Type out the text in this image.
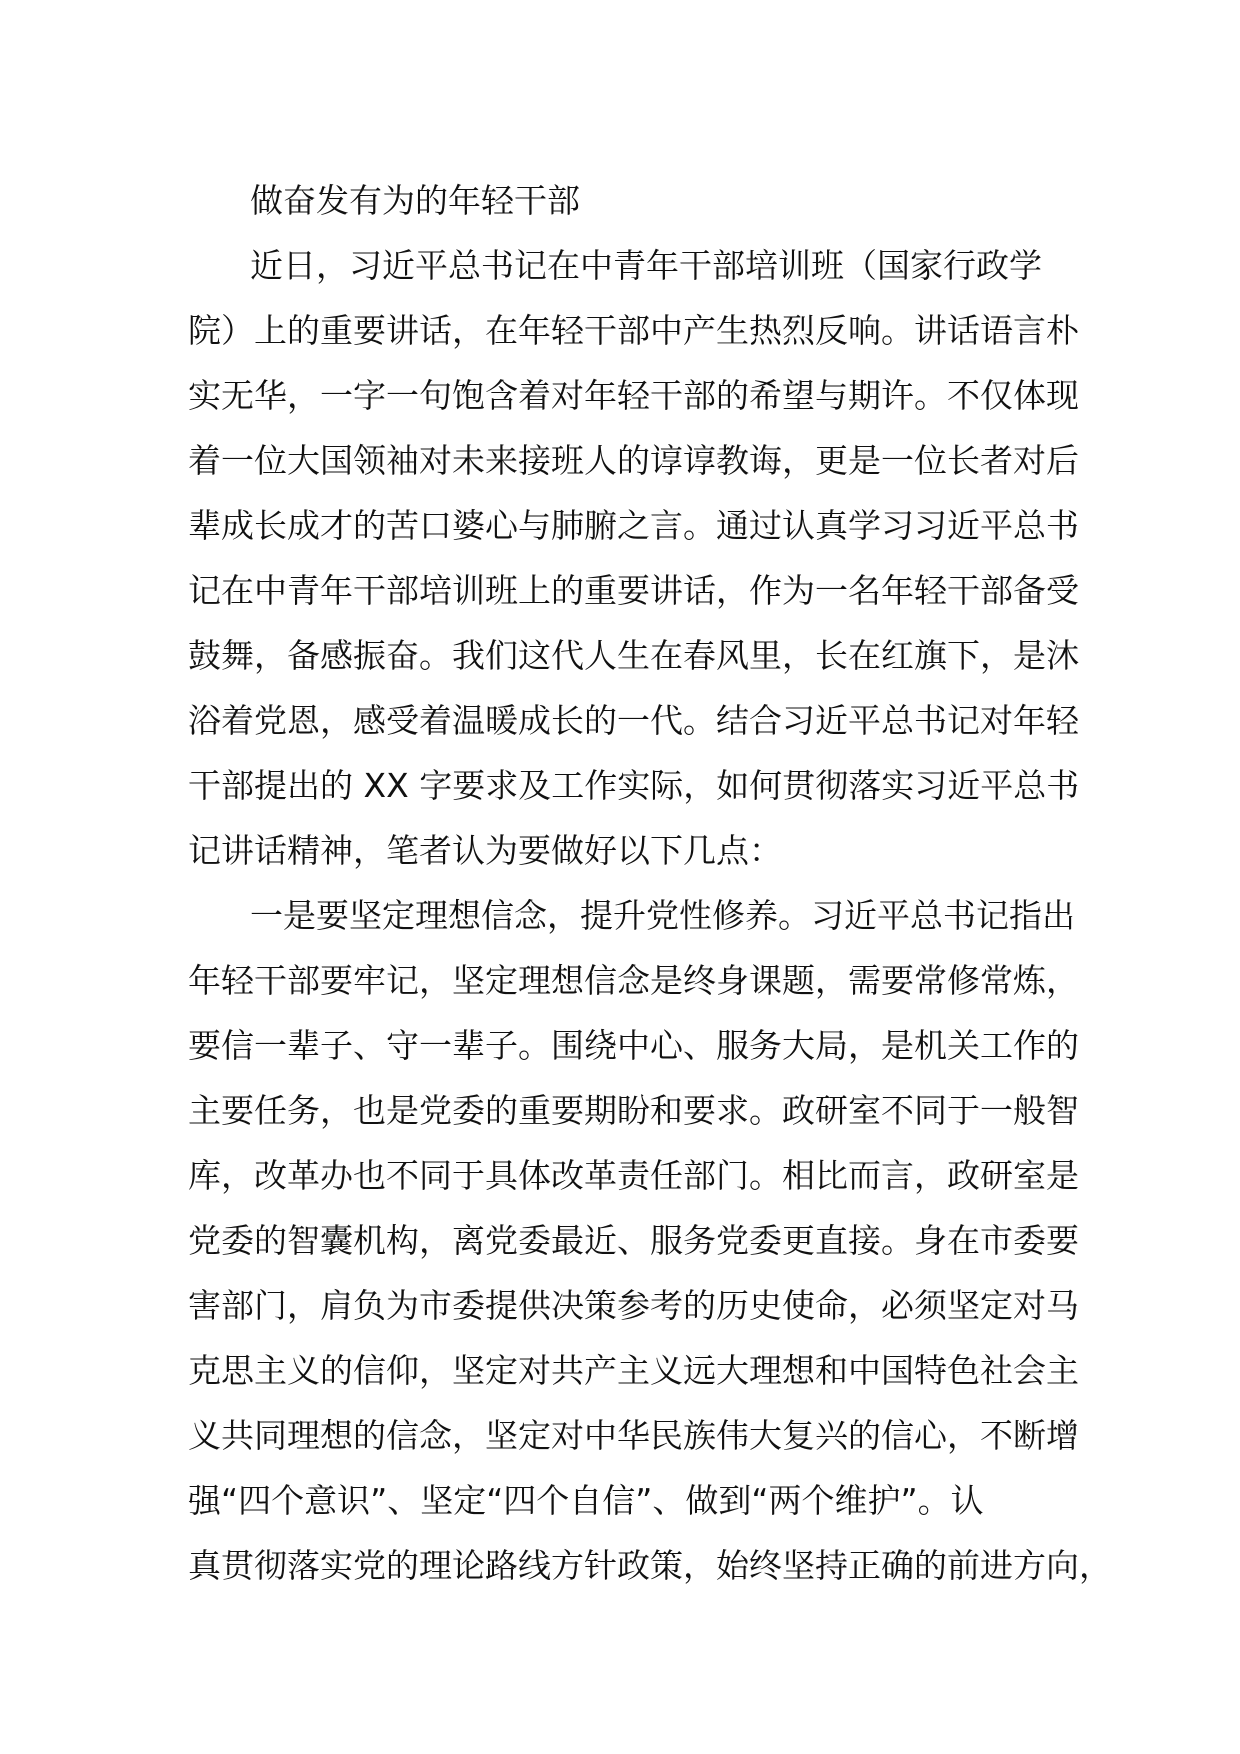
做奋发有为的年轻干部
近日，习近平总书记在中青年干部培训班（国家行政学
院）上的重要讲话，在年轻干部中产生热烈反响。讲话语言朴
实无华，一字一句饱含着对年轻干部的希望与期许。不仅体现
着一位大国领袖对未来接班人的谆谆教诲，更是一位长者对后
辈成长成才的苦口婆心与肺腑之言。通过认真学习习近平总书
记在中青年干部培训班上的重要讲话，作为一名年轻干部备受
鼓舞，备感振奋。我们这代人生在春风里，长在红旗下，是沐
浴着党恩，感受着温暖成长的一代。结合习近平总书记对年轻
干部提出的 XX 字要求及工作实际，如何贯彻落实习近平总书
记讲话精神，笔者认为要做好以下几点：
一是要坚定理想信念，提升党性修养。习近平总书记指出
年轻干部要牢记，坚定理想信念是终身课题，需要常修常炼，
要信一辈子、守一辈子。围绕中心、服务大局，是机关工作的
主要任务，也是党委的重要期盼和要求。政研室不同于一般智
库，改革办也不同于具体改革责任部门。相比而言，政研室是
党委的智囊机构，离党委最近、服务党委更直接。身在市委要
害部门，肩负为市委提供决策参考的历史使命，必须坚定对马
克思主义的信仰，坚定对共产主义远大理想和中国特色社会主
义共同理想的信念，坚定对中华民族伟大复兴的信心，不断增
强“四个意识”、坚定“四个自信”、做到“两个维护”。认
真贯彻落实党的理论路线方针政策，始终坚持正确的前进方向，
